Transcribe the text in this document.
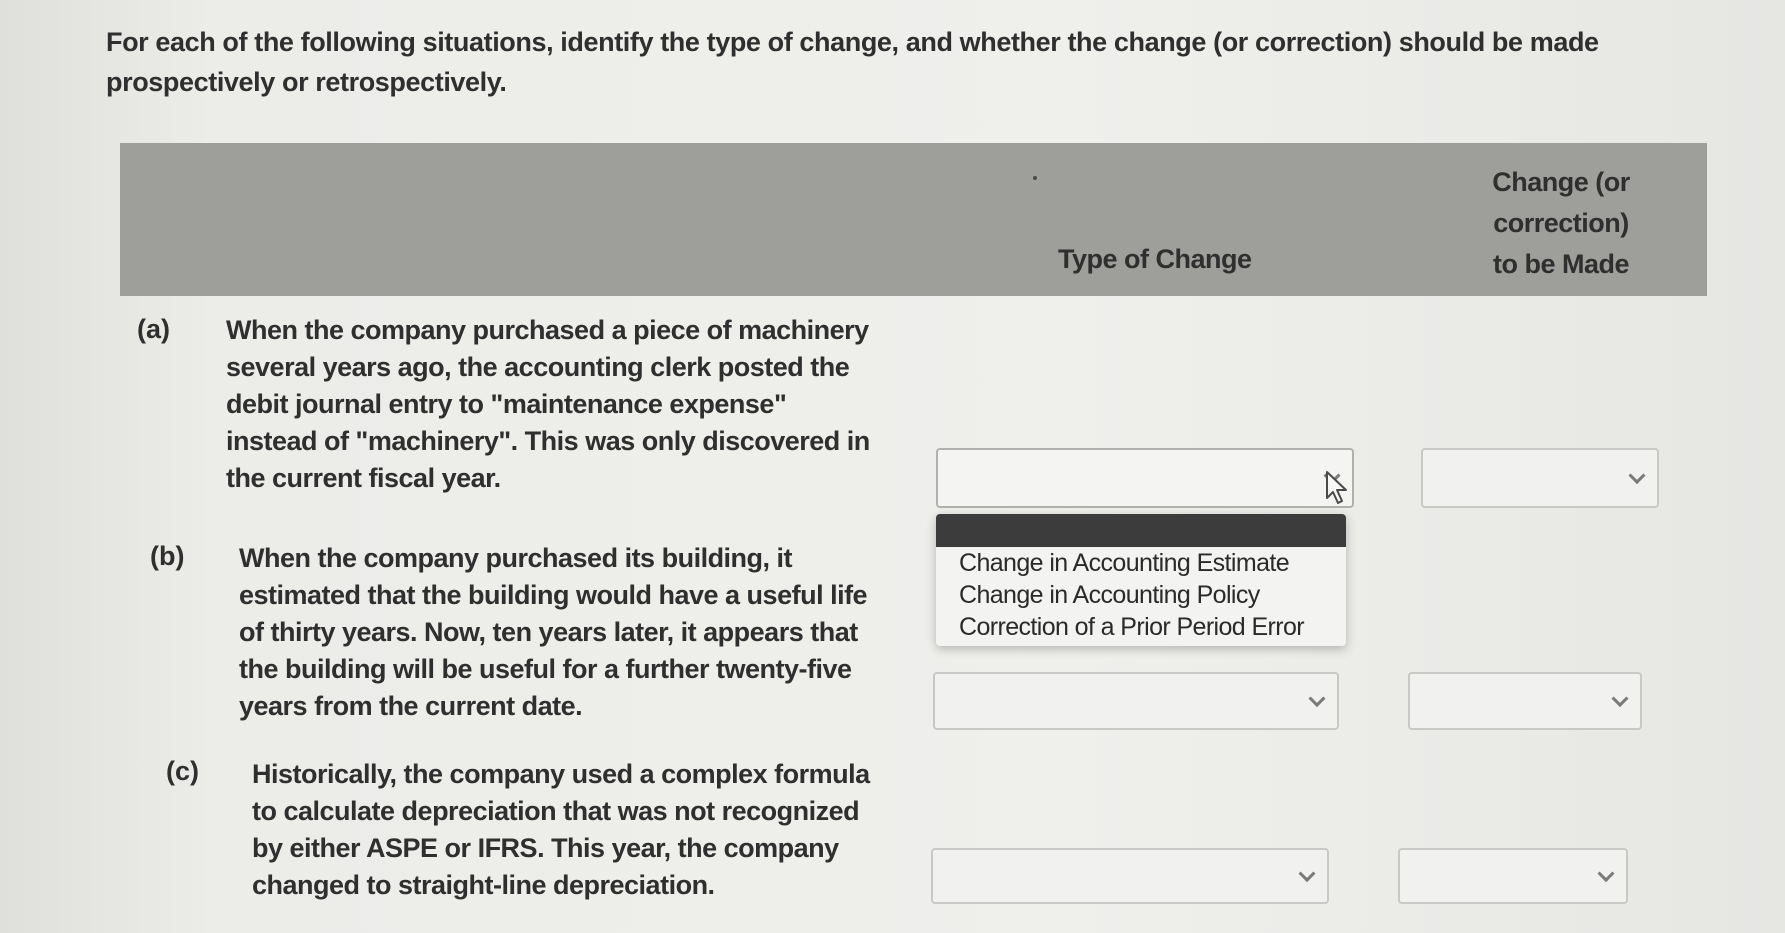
For each of the following situations, identify the type of change, and whether the change (or correction) should be made prospectively or retrospectively.

Type of Change
Change (or
correction)
to be Made
(a) When the company purchased a piece of machinery several years ago, the accounting clerk posted the debit journal entry to "maintenance expense" instead of "machinery". This was only discovered in the current fiscal year.

(b) When the company purchased its building, it estimated that the building would have a useful life of thirty years. Now, ten years later, it appears that the building will be useful for a further twenty-five years from the current date.

(c) Historically, the company used a complex formula to calculate depreciation that was not recognized by either ASPE or IFRS. This year, the company changed to straight-line depreciation.

Change in Accounting Estimate
Change in Accounting Policy
Correction of a Prior Period Error
